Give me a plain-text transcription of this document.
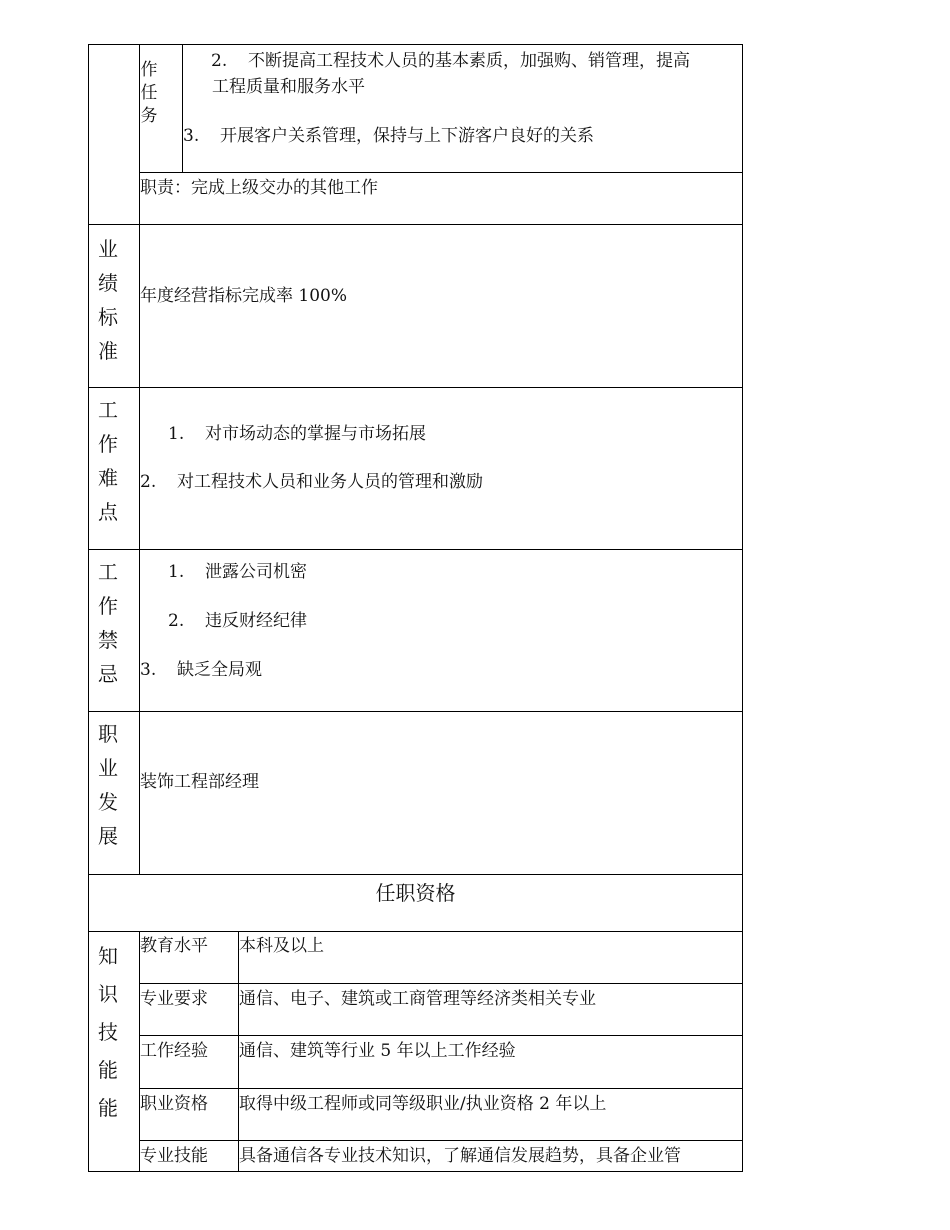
作
任
务
2. 不断提高工程技术人员的基本素质，加强购、销管理，提高
工程质量和服务水平
3. 开展客户关系管理，保持与上下游客户良好的关系
职责：完成上级交办的其他工作
业
绩
标
准
年度经营指标完成率 100%
工
作
难
点
1. 对市场动态的掌握与市场拓展
2. 对工程技术人员和业务人员的管理和激励
工
作
禁
忌
1. 泄露公司机密
2. 违反财经纪律
3. 缺乏全局观
职
业
发
展
装饰工程部经理
任职资格
知
识
技
能
能
教育水平 本科及以上
专业要求 通信、电子、建筑或工商管理等经济类相关专业
工作经验 通信、建筑等行业 5 年以上工作经验
职业资格 取得中级工程师或同等级职业/执业资格 2 年以上
专业技能 具备通信各专业技术知识，了解通信发展趋势，具备企业管
